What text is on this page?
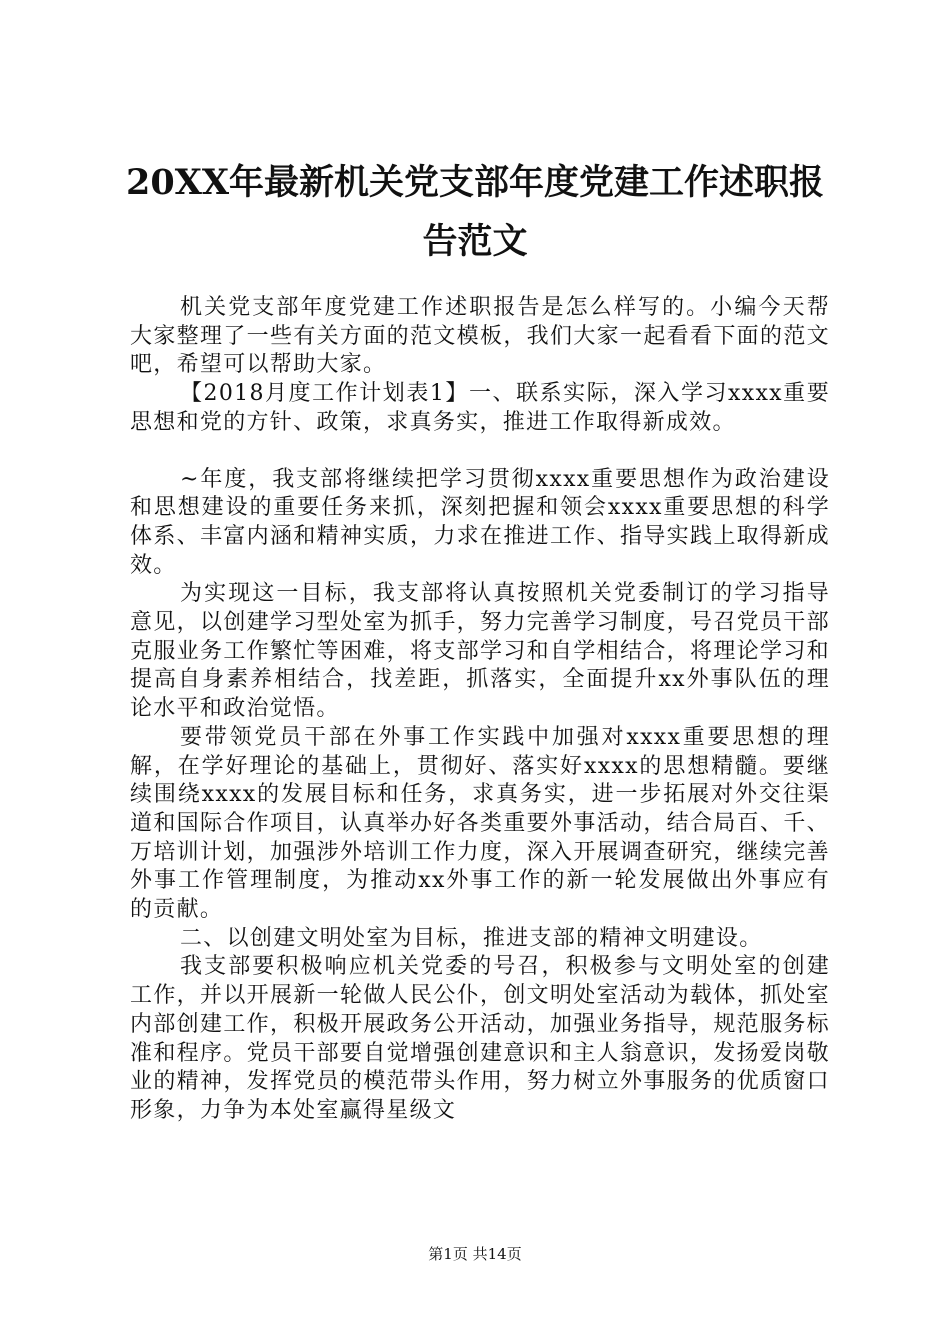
20XX年最新机关党支部年度党建工作述职报
告范文

机关党支部年度党建工作述职报告是怎么样写的。小编今天帮大家整理了一些有关方面的范文模板，我们大家一起看看下面的范文吧，希望可以帮助大家。

【2018月度工作计划表1】一、联系实际，深入学习xxxx重要思想和党的方针、政策，求真务实，推进工作取得新成效。

~年度，我支部将继续把学习贯彻xxxx重要思想作为政治建设和思想建设的重要任务来抓，深刻把握和领会xxxx重要思想的科学体系、丰富内涵和精神实质，力求在推进工作、指导实践上取得新成效。

为实现这一目标，我支部将认真按照机关党委制订的学习指导意见，以创建学习型处室为抓手，努力完善学习制度，号召党员干部克服业务工作繁忙等困难，将支部学习和自学相结合，将理论学习和提高自身素养相结合，找差距，抓落实，全面提升xx外事队伍的理论水平和政治觉悟。

要带领党员干部在外事工作实践中加强对xxxx重要思想的理解，在学好理论的基础上，贯彻好、落实好xxxx的思想精髓。要继续围绕xxxx的发展目标和任务，求真务实，进一步拓展对外交往渠道和国际合作项目，认真举办好各类重要外事活动，结合局百、千、万培训计划，加强涉外培训工作力度，深入开展调查研究，继续完善外事工作管理制度，为推动xx外事工作的新一轮发展做出外事应有的贡献。

二、以创建文明处室为目标，推进支部的精神文明建设。

我支部要积极响应机关党委的号召，积极参与文明处室的创建工作，并以开展新一轮做人民公仆，创文明处室活动为载体，抓处室内部创建工作，积极开展政务公开活动，加强业务指导，规范服务标准和程序。党员干部要自觉增强创建意识和主人翁意识，发扬爱岗敬业的精神，发挥党员的模范带头作用，努力树立外事服务的优质窗口形象，力争为本处室赢得星级文

第1页 共14页
